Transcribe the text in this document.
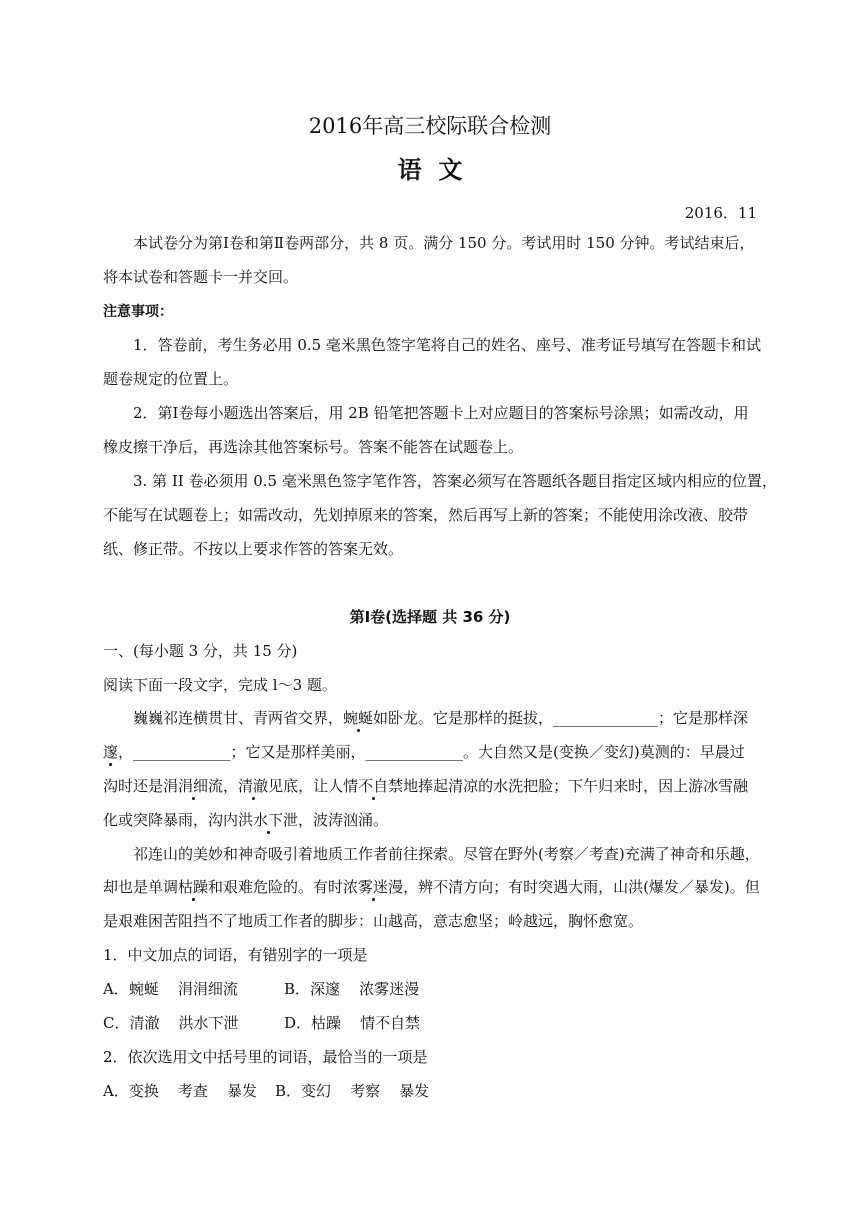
2016年高三校际联合检测
语  文
2016．11
本试卷分为第Ⅰ卷和第Ⅱ卷两部分，共 8 页。满分 150 分。考试用时 150 分钟。考试结束后，
将本试卷和答题卡一并交回。
注意事项：
1．答卷前，考生务必用 0.5 毫米黑色签字笔将自己的姓名、座号、准考证号填写在答题卡和试
题卷规定的位置上。
2．第Ⅰ卷每小题选出答案后，用 2B 铅笔把答题卡上对应题目的答案标号涂黑；如需改动，用
橡皮擦干净后，再选涂其他答案标号。答案不能答在试题卷上。
3. 第 II 卷必须用 0.5 毫米黑色签字笔作答，答案必须写在答题纸各题目指定区域内相应的位置，
不能写在试题卷上；如需改动，先划掉原来的答案，然后再写上新的答案；不能使用涂改液、胶带
纸、修正带。不按以上要求作答的答案无效。
第Ⅰ卷(选择题 共 36 分)
一、(每小题 3 分，共 15 分)
阅读下面一段文字，完成 l～3 题。
巍巍祁连横贯甘、青两省交界，蜿蜒如卧龙。它是那样的挺拔，______________；它是那样深
邃，_____________；它又是那样美丽，_____________。大自然又是(变换／变幻)莫测的：早晨过
沟时还是涓涓细流，清澈见底，让人情不自禁地捧起清凉的水洗把脸；下午归来时，因上游冰雪融
化或突降暴雨，沟内洪水下泄，波涛汹涌。
祁连山的美妙和神奇吸引着地质工作者前往探索。尽管在野外(考察／考查)充满了神奇和乐趣，
却也是单调枯躁和艰难危险的。有时浓雾迷漫，辨不清方向；有时突遇大雨，山洪(爆发／暴发)。但
是艰难困苦阻挡不了地质工作者的脚步：山越高，意志愈坚；岭越远，胸怀愈宽。
1．中文加点的词语，有错别字的一项是
A．蜿蜒    涓涓细流	B．深邃    浓雾迷漫
C．清澈    洪水下泄	D．枯躁    情不自禁
2．依次选用文中括号里的词语，最恰当的一项是
A．变换    考查    暴发 B．变幻    考察    暴发
